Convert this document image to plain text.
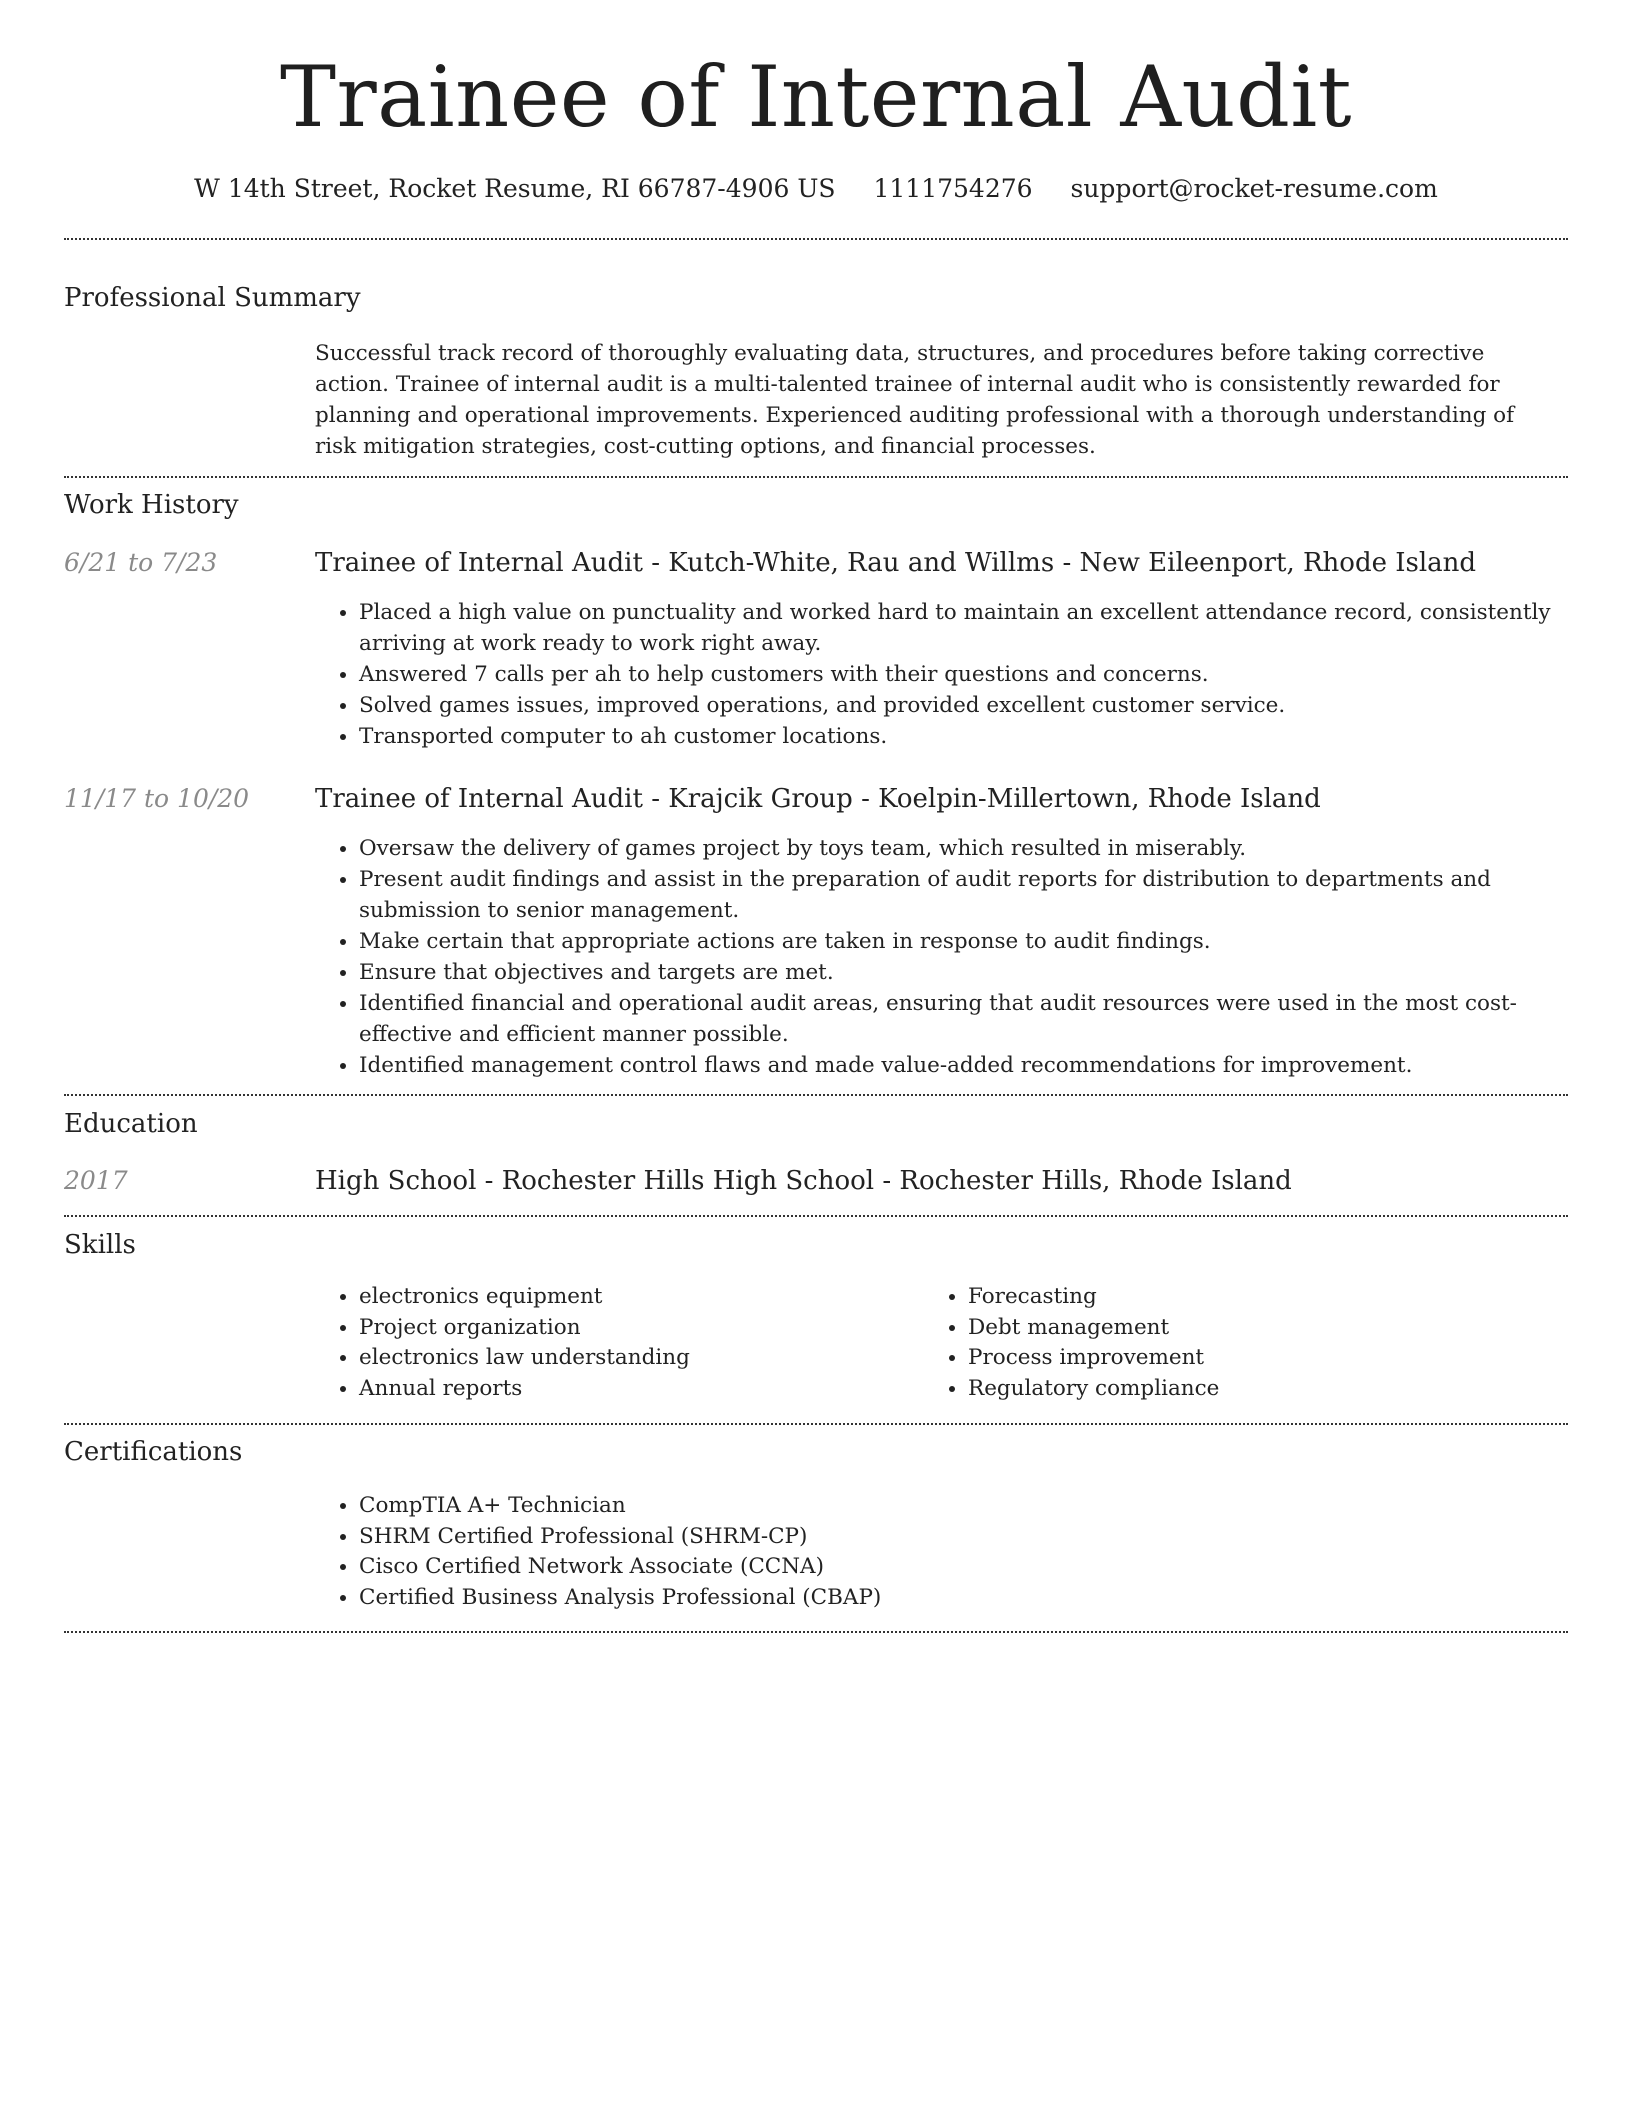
Trainee of Internal Audit
W 14th Street, Rocket Resume, RI 66787-4906 US 1111754276 support@rocket-resume.com
Professional Summary

Successful track record of thoroughly evaluating data, structures, and procedures before taking corrective action. Trainee of internal audit is a multi-talented trainee of internal audit who is consistently rewarded for planning and operational improvements. Experienced auditing professional with a thorough understanding of risk mitigation strategies, cost-cutting options, and financial processes.

Work History
6/21 to 7/23	Trainee of Internal Audit - Kutch-White, Rau and Willms - New Eileenport, Rhode Island
• Placed a high value on punctuality and worked hard to maintain an excellent attendance record, consistently arriving at work ready to work right away.
• Answered 7 calls per ah to help customers with their questions and concerns.
• Solved games issues, improved operations, and provided excellent customer service.
• Transported computer to ah customer locations.
11/17 to 10/20	Trainee of Internal Audit - Krajcik Group - Koelpin-Millertown, Rhode Island
• Oversaw the delivery of games project by toys team, which resulted in miserably.
• Present audit findings and assist in the preparation of audit reports for distribution to departments and submission to senior management.
• Make certain that appropriate actions are taken in response to audit findings.
• Ensure that objectives and targets are met.
• Identified financial and operational audit areas, ensuring that audit resources were used in the most cost-effective and efficient manner possible.
• Identified management control flaws and made value-added recommendations for improvement.
Education
2017	High School - Rochester Hills High School - Rochester Hills, Rhode Island
Skills
• electronics equipment
• Project organization
• electronics law understanding
• Annual reports
• Forecasting
• Debt management
• Process improvement
• Regulatory compliance
Certifications
• CompTIA A+ Technician
• SHRM Certified Professional (SHRM-CP)
• Cisco Certified Network Associate (CCNA)
• Certified Business Analysis Professional (CBAP)
